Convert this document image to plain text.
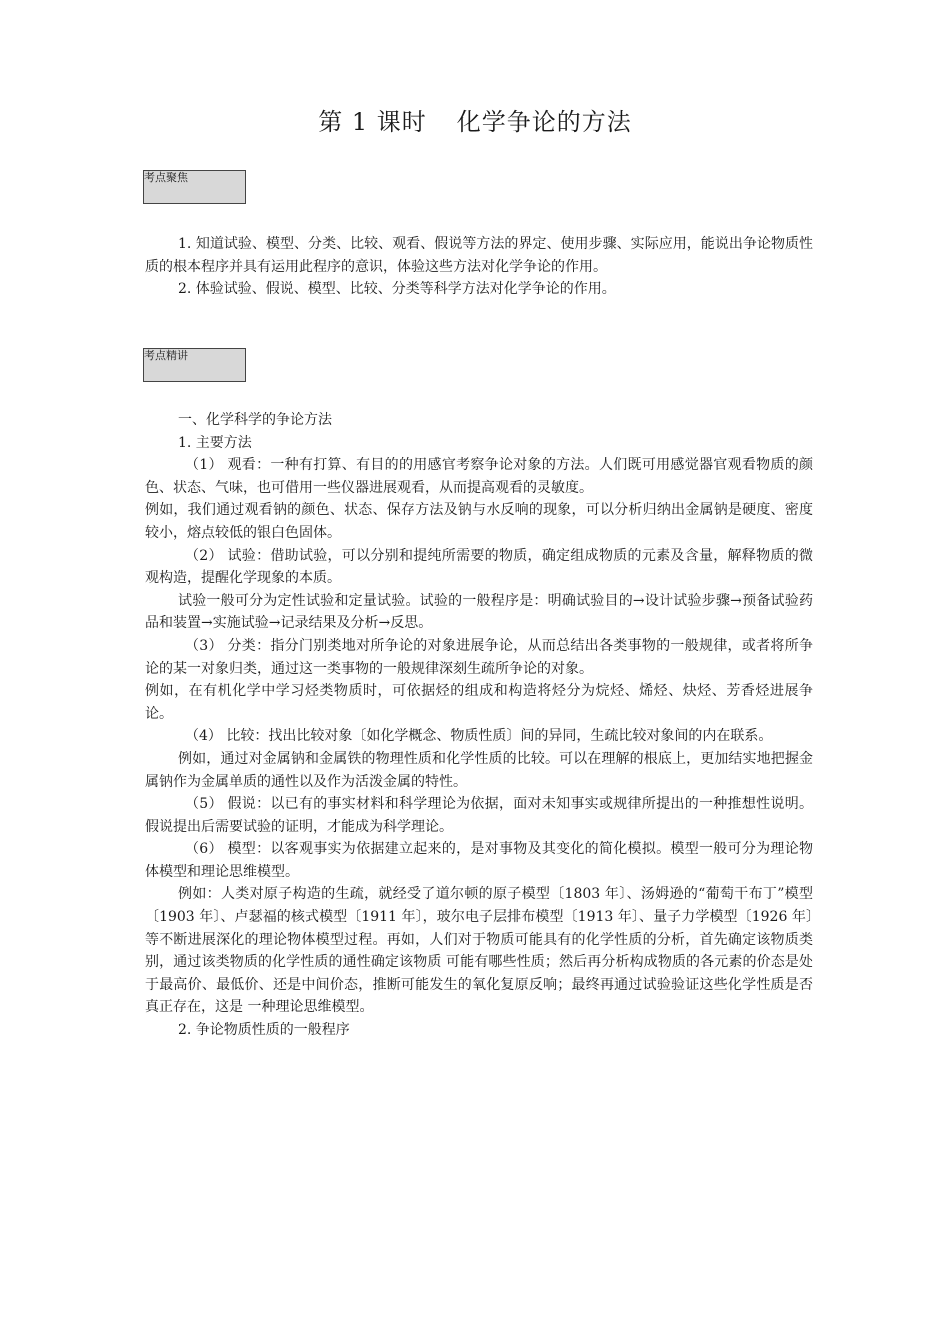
第 1 课时 化学争论的方法
考点聚焦

1. 知道试验、模型、分类、比较、观看、假说等方法的界定、使用步骤、实际应用，能说出争论物质性质的根本程序并具有运用此程序的意识，体验这些方法对化学争论的作用。

2. 体验试验、假说、模型、比较、分类等科学方法对化学争论的作用。

考点精讲

一、化学科学的争论方法

1. 主要方法

（1） 观看：一种有打算、有目的的用感官考察争论对象的方法。人们既可用感觉器官观看物质的颜色、状态、气味，也可借用一些仪器进展观看，从而提高观看的灵敏度。

例如，我们通过观看钠的颜色、状态、保存方法及钠与水反响的现象，可以分析归纳出金属钠是硬度、密度较小，熔点较低的银白色固体。

（2） 试验：借助试验，可以分别和提纯所需要的物质，确定组成物质的元素及含量，解释物质的微观构造，提醒化学现象的本质。

试验一般可分为定性试验和定量试验。试验的一般程序是：明确试验目的→设计试验步骤→预备试验药品和装置→实施试验→记录结果及分析→反思。

（3） 分类：指分门别类地对所争论的对象进展争论，从而总结出各类事物的一般规律，或者将所争论的某一对象归类，通过这一类事物的一般规律深刻生疏所争论的对象。

例如，在有机化学中学习烃类物质时，可依据烃的组成和构造将烃分为烷烃、烯烃、炔烃、芳香烃进展争论。

（4） 比较：找出比较对象〔如化学概念、物质性质〕间的异同，生疏比较对象间的内在联系。

例如，通过对金属钠和金属铁的物理性质和化学性质的比较。可以在理解的根底上，更加结实地把握金属钠作为金属单质的通性以及作为活泼金属的特性。

（5） 假说：以已有的事实材料和科学理论为依据，面对未知事实或规律所提出的一种推想性说明。假说提出后需要试验的证明，才能成为科学理论。

（6） 模型：以客观事实为依据建立起来的，是对事物及其变化的简化模拟。模型一般可分为理论物体模型和理论思维模型。

例如：人类对原子构造的生疏，就经受了道尔顿的原子模型〔1803 年〕、汤姆逊的“葡萄干布丁”模型〔1903 年〕、卢瑟福的核式模型〔1911 年〕，玻尔电子层排布模型〔1913 年〕、量子力学模型〔1926 年〕等不断进展深化的理论物体模型过程。再如，人们对于物质可能具有的化学性质的分析，首先确定该物质类别，通过该类物质的化学性质的通性确定该物质 可能有哪些性质；然后再分析构成物质的各元素的价态是处于最高价、最低价、还是中间价态，推断可能发生的氧化复原反响；最终再通过试验验证这些化学性质是否真正存在，这是 一种理论思维模型。

2. 争论物质性质的一般程序
